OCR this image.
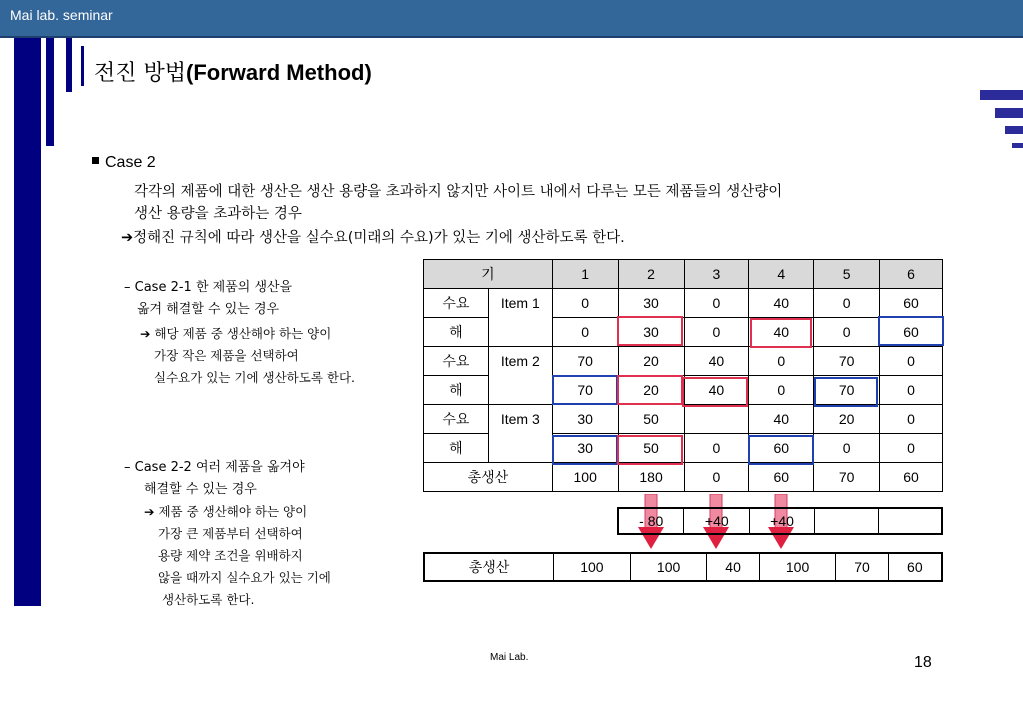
Mai lab. seminar
전진 방법(Forward Method)
Case 2
각각의 제품에 대한 생산은 생산 용량을 초과하지 않지만 사이트 내에서 다루는 모든 제품들의 생산량이
생산 용량을 초과하는 경우
➔정해진 규칙에 따라 생산을 실수요(미래의 수요)가 있는 기에 생산하도록 한다.
– Case 2-1 한 제품의 생산을
옮겨 해결할 수 있는 경우
➔ 해당 제품 중 생산해야 하는 양이
가장 작은 제품을 선택하여
실수요가 있는 기에 생산하도록 한다.
– Case 2-2 여러 제품을 옮겨야
해결할 수 있는 경우
➔ 제품 중 생산해야 하는 양이
가장 큰 제품부터 선택하여
용량 제약 조건을 위배하지
않을 때까지 실수요가 있는 기에
생산하도록 한다.
기		1	2	3	4	5	6
수요	Item 1	0	30	0	40	0	60
해		0	30	0	40	0	60
수요	Item 2	70	20	40	0	70	0
해		70	20	40	0	70	0
수요	Item 3	30	50		40	20	0
해		30	50	0	60	0	0
총생산		100	180	0	60	70	60
- 80	+40	+40		
총생산	100	100	40	100	70	60
Mai Lab.	18
